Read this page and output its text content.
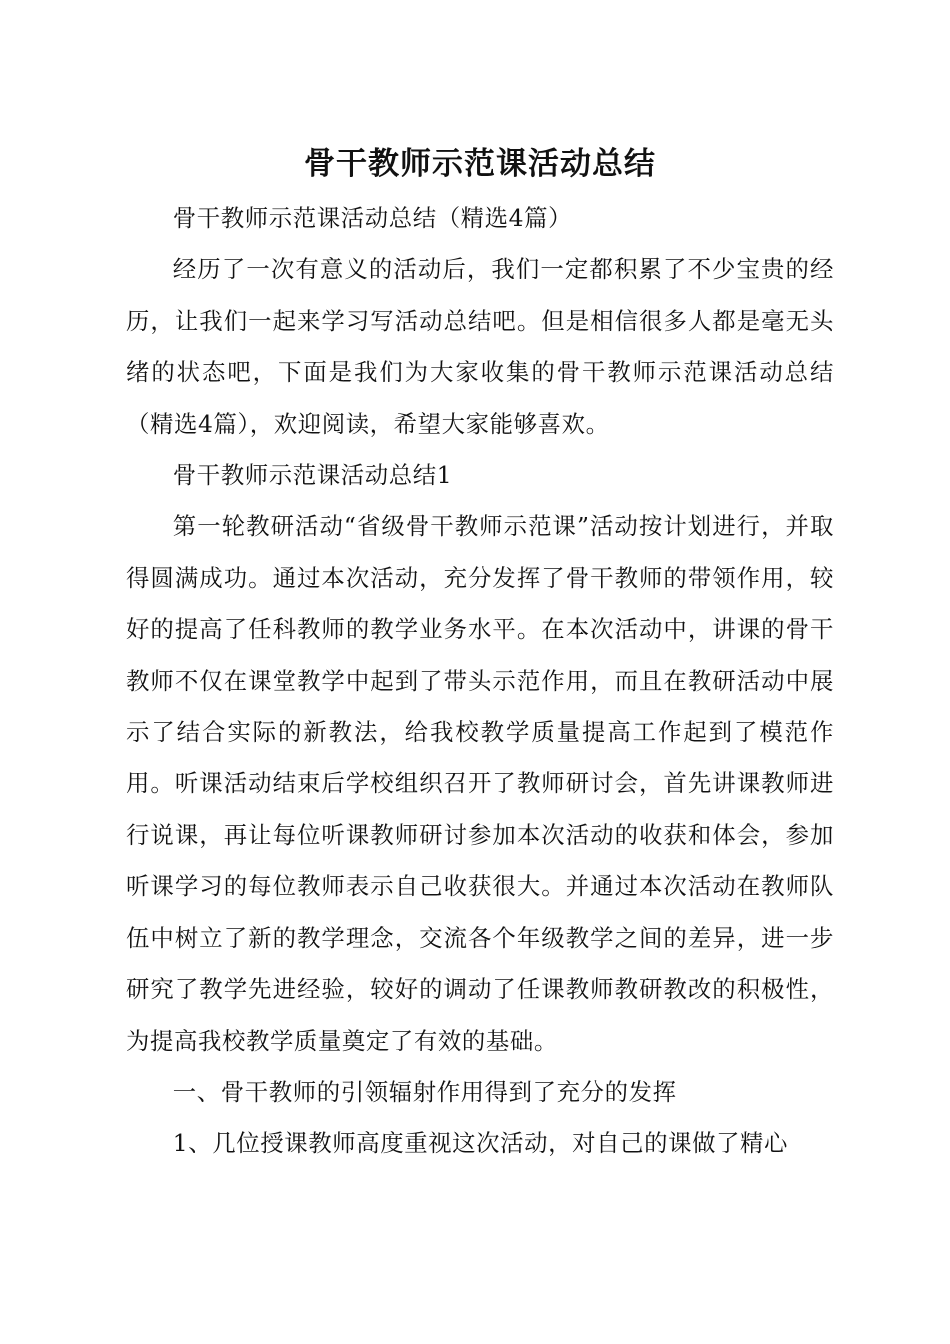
骨干教师示范课活动总结

骨干教师示范课活动总结（精选4篇）

经历了一次有意义的活动后，我们一定都积累了不少宝贵的经历，让我们一起来学习写活动总结吧。但是相信很多人都是毫无头绪的状态吧，下面是我们为大家收集的骨干教师示范课活动总结（精选4篇），欢迎阅读，希望大家能够喜欢。

骨干教师示范课活动总结1

第一轮教研活动“省级骨干教师示范课”活动按计划进行，并取得圆满成功。通过本次活动，充分发挥了骨干教师的带领作用，较好的提高了任科教师的教学业务水平。在本次活动中，讲课的骨干教师不仅在课堂教学中起到了带头示范作用，而且在教研活动中展示了结合实际的新教法，给我校教学质量提高工作起到了模范作用。听课活动结束后学校组织召开了教师研讨会，首先讲课教师进行说课，再让每位听课教师研讨参加本次活动的收获和体会，参加听课学习的每位教师表示自己收获很大。并通过本次活动在教师队伍中树立了新的教学理念，交流各个年级教学之间的差异，进一步研究了教学先进经验，较好的调动了任课教师教研教改的积极性，为提高我校教学质量奠定了有效的基础。

一、骨干教师的引领辐射作用得到了充分的发挥

1、几位授课教师高度重视这次活动，对自己的课做了精心
